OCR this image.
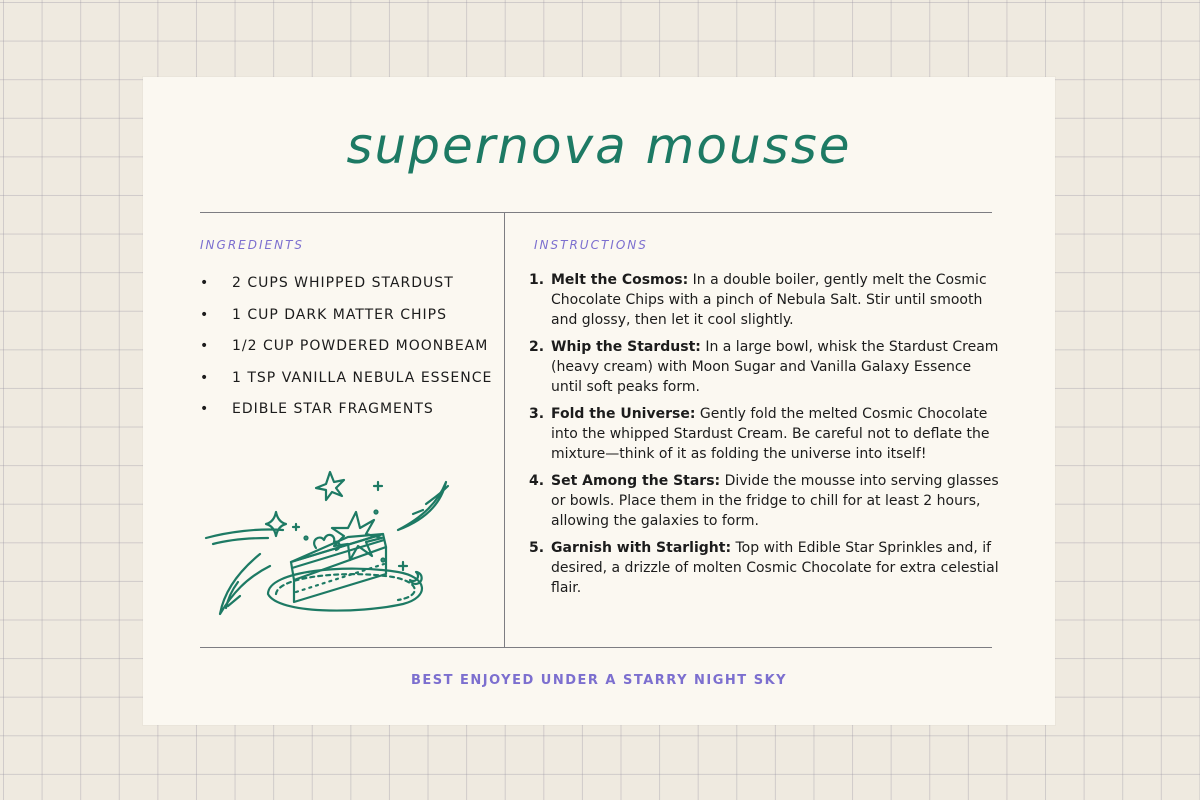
supernova mousse
INGREDIENTS
• 2 CUPS WHIPPED STARDUST
• 1 CUP DARK MATTER CHIPS
• 1/2 CUP POWDERED MOONBEAM
• 1 TSP VANILLA NEBULA ESSENCE
• EDIBLE STAR FRAGMENTS
INSTRUCTIONS
1. Melt the Cosmos: In a double boiler, gently melt the Cosmic Chocolate Chips with a pinch of Nebula Salt. Stir until smooth and glossy, then let it cool slightly.
2. Whip the Stardust: In a large bowl, whisk the Stardust Cream (heavy cream) with Moon Sugar and Vanilla Galaxy Essence until soft peaks form.
3. Fold the Universe: Gently fold the melted Cosmic Chocolate into the whipped Stardust Cream. Be careful not to deflate the mixture—think of it as folding the universe into itself!
4. Set Among the Stars: Divide the mousse into serving glasses or bowls. Place them in the fridge to chill for at least 2 hours, allowing the galaxies to form.
5. Garnish with Starlight: Top with Edible Star Sprinkles and, if desired, a drizzle of molten Cosmic Chocolate for extra celestial flair.

BEST ENJOYED UNDER A STARRY NIGHT SKY
